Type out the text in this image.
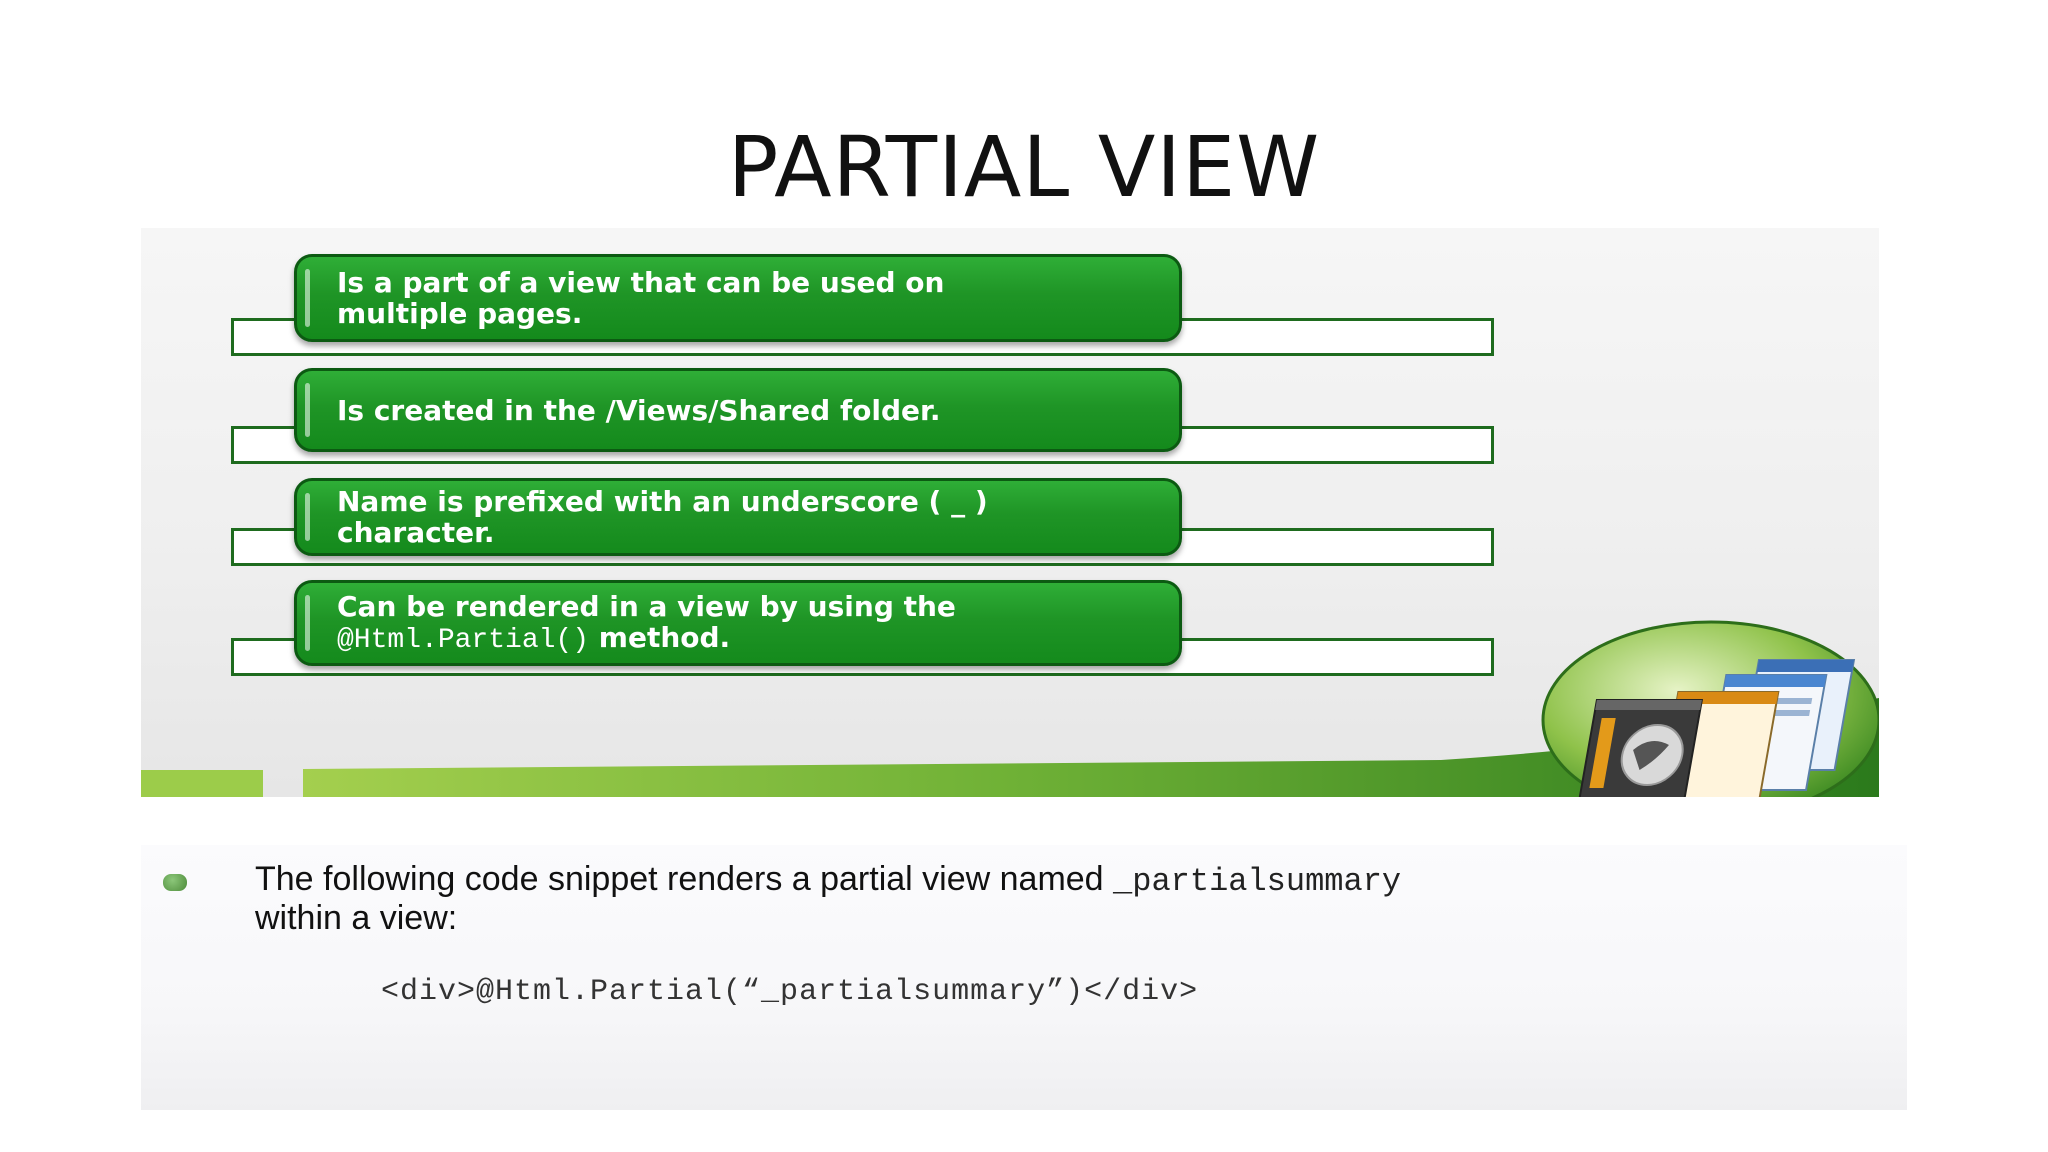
PARTIAL VIEW
Is a part of a view that can be used on
multiple pages.
Is created in the /Views/Shared folder.
Name is prefixed with an underscore ( _ )
character.
Can be rendered in a view by using the
@Html.Partial() method.
The following code snippet renders a partial view named _partialsummary
within a view:
<div>@Html.Partial(“_partialsummary”)</div>
